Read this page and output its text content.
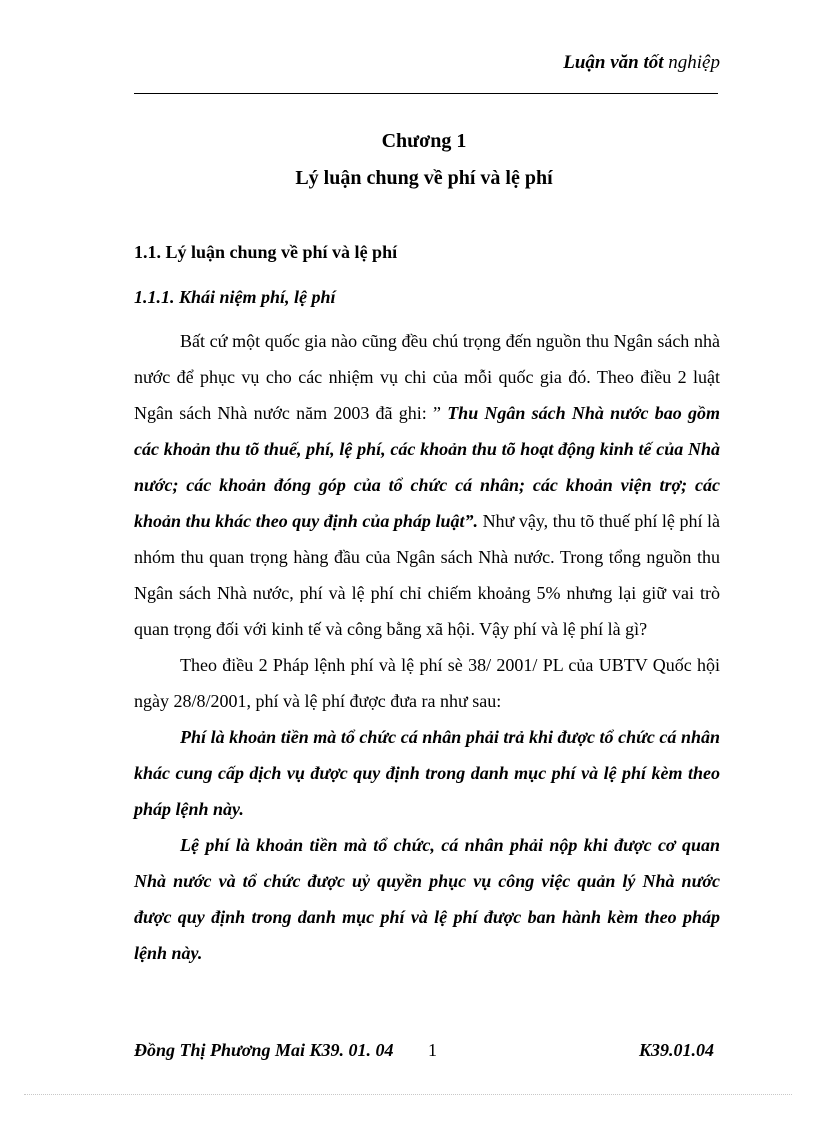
Luận văn tốt nghiệp
Chương 1
Lý luận chung về phí và lệ phí
1.1. Lý luận chung về phí và lệ phí
1.1.1. Khái niệm phí, lệ phí

Bất cứ một quốc gia nào cũng đều chú trọng đến nguồn thu Ngân sách nhà nước để phục vụ cho các nhiệm vụ chi của mỗi quốc gia đó. Theo điều 2 luật Ngân sách Nhà nước năm 2003 đã ghi: ” Thu Ngân sách Nhà nước bao gồm các khoản thu tõ thuế, phí, lệ phí, các khoản thu tõ hoạt động kinh tế của Nhà nước; các khoản đóng góp của tổ chức cá nhân; các khoản viện trợ; các khoản thu khác theo quy định của pháp luật”. Như vậy, thu tõ thuế phí lệ phí là nhóm thu quan trọng hàng đầu của Ngân sách Nhà nước. Trong tổng nguồn thu Ngân sách Nhà nước, phí và lệ phí chỉ chiếm khoảng 5% nhưng lại giữ vai trò quan trọng đối với kinh tế và công bằng xã hội. Vậy phí và lệ phí là gì?

Theo điều 2 Pháp lệnh phí và lệ phí sè 38/ 2001/ PL của UBTV Quốc hội ngày 28/8/2001, phí và lệ phí được đưa ra như sau:

Phí là khoản tiền mà tổ chức cá nhân phải trả khi được tổ chức cá nhân khác cung cấp dịch vụ được quy định trong danh mục phí và lệ phí kèm theo pháp lệnh này.

Lệ phí là khoản tiền mà tổ chức, cá nhân phải nộp khi được cơ quan Nhà nước và tổ chức được uỷ quyền phục vụ công việc quản lý Nhà nước được quy định trong danh mục phí và lệ phí được ban hành kèm theo pháp lệnh này.

Đồng Thị Phương Mai K39. 01. 04 1	K39.01.04
